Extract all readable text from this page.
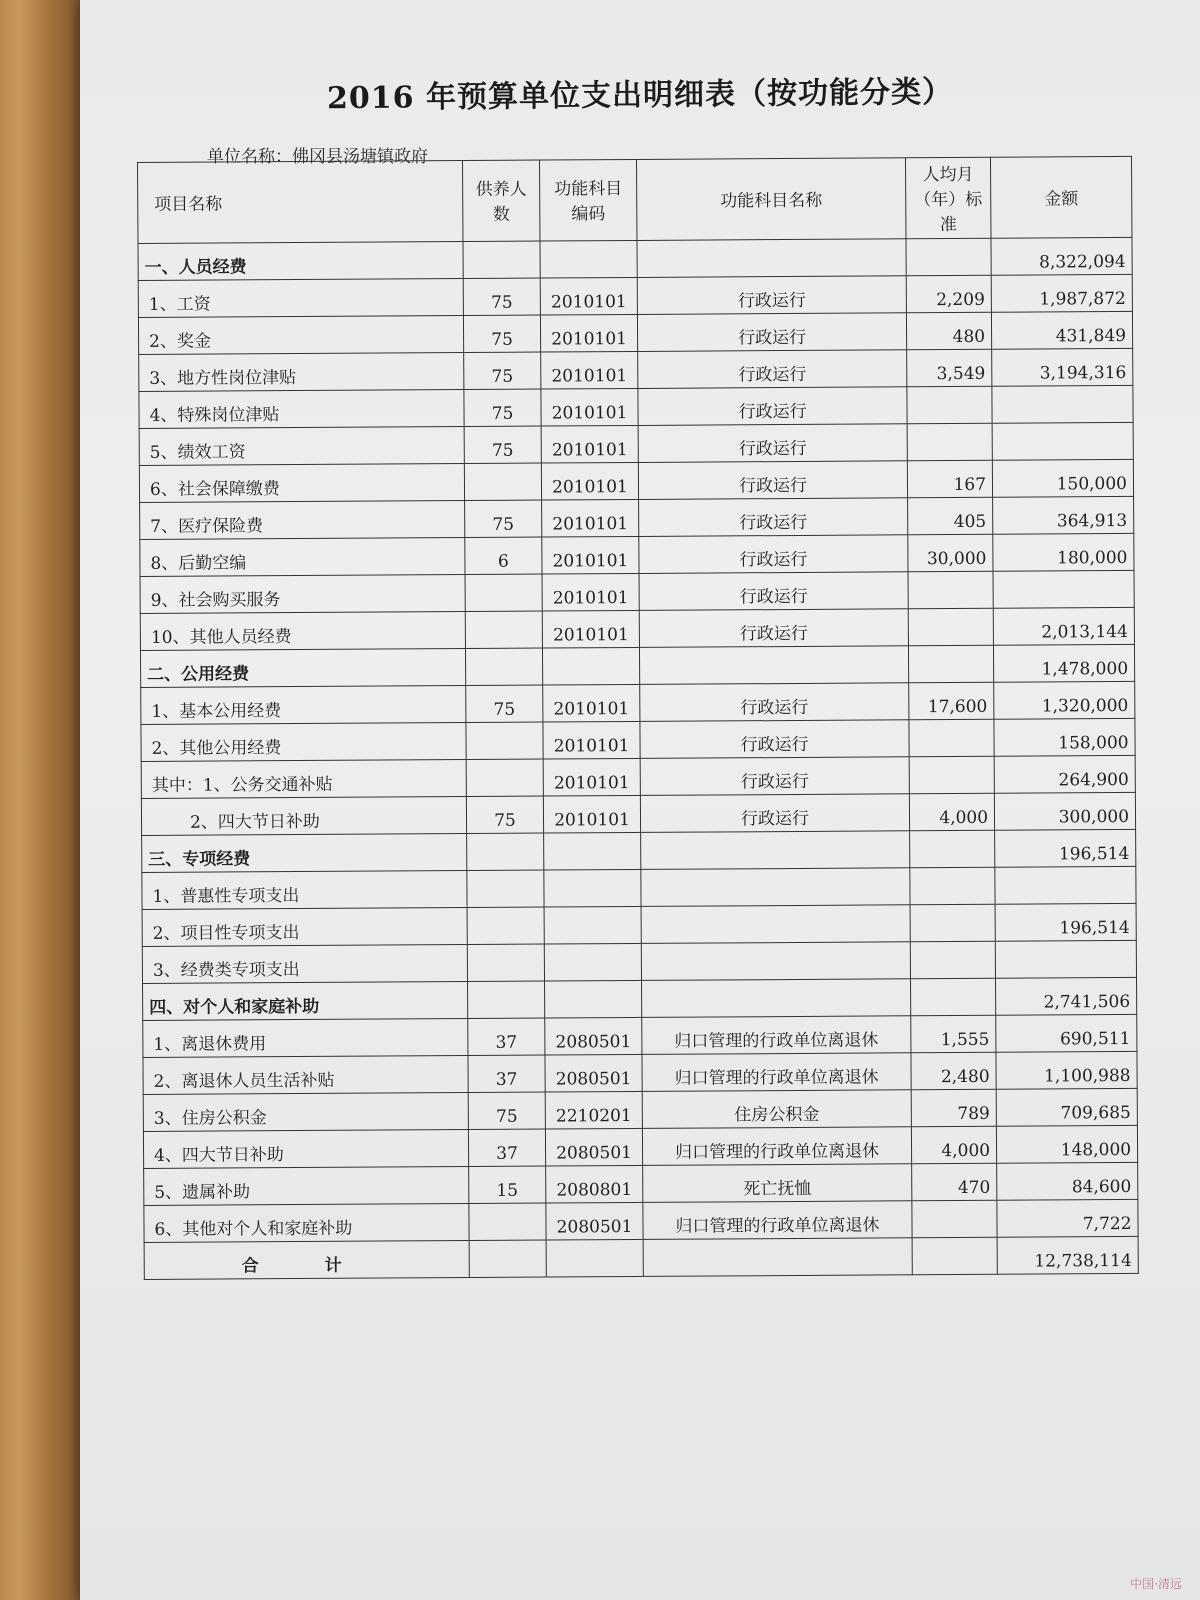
2016 年预算单位支出明细表（按功能分类）
单位名称：佛冈县汤塘镇政府
项目名称	供养人数	功能科目编码	功能科目名称	人均月（年）标准	金额
一、人员经费					8,322,094
1、工资	75	2010101	行政运行	2,209	1,987,872
2、奖金	75	2010101	行政运行	480	431,849
3、地方性岗位津贴	75	2010101	行政运行	3,549	3,194,316
4、特殊岗位津贴	75	2010101	行政运行		
5、绩效工资	75	2010101	行政运行		
6、社会保障缴费		2010101	行政运行	167	150,000
7、医疗保险费	75	2010101	行政运行	405	364,913
8、后勤空编	6	2010101	行政运行	30,000	180,000
9、社会购买服务		2010101	行政运行		
10、其他人员经费		2010101	行政运行		2,013,144
二、公用经费					1,478,000
1、基本公用经费	75	2010101	行政运行	17,600	1,320,000
2、其他公用经费		2010101	行政运行		158,000
其中：1、公务交通补贴		2010101	行政运行		264,900
2、四大节日补助	75	2010101	行政运行	4,000	300,000
三、专项经费					196,514
1、普惠性专项支出					
2、项目性专项支出					196,514
3、经费类专项支出					
四、对个人和家庭补助					2,741,506
1、离退休费用	37	2080501	归口管理的行政单位离退休	1,555	690,511
2、离退休人员生活补贴	37	2080501	归口管理的行政单位离退休	2,480	1,100,988
3、住房公积金	75	2210201	住房公积金	789	709,685
4、四大节日补助	37	2080501	归口管理的行政单位离退休	4,000	148,000
5、遗属补助	15	2080801	死亡抚恤	470	84,600
6、其他对个人和家庭补助		2080501	归口管理的行政单位离退休		7,722
合 计					12,738,114
中国·清远
